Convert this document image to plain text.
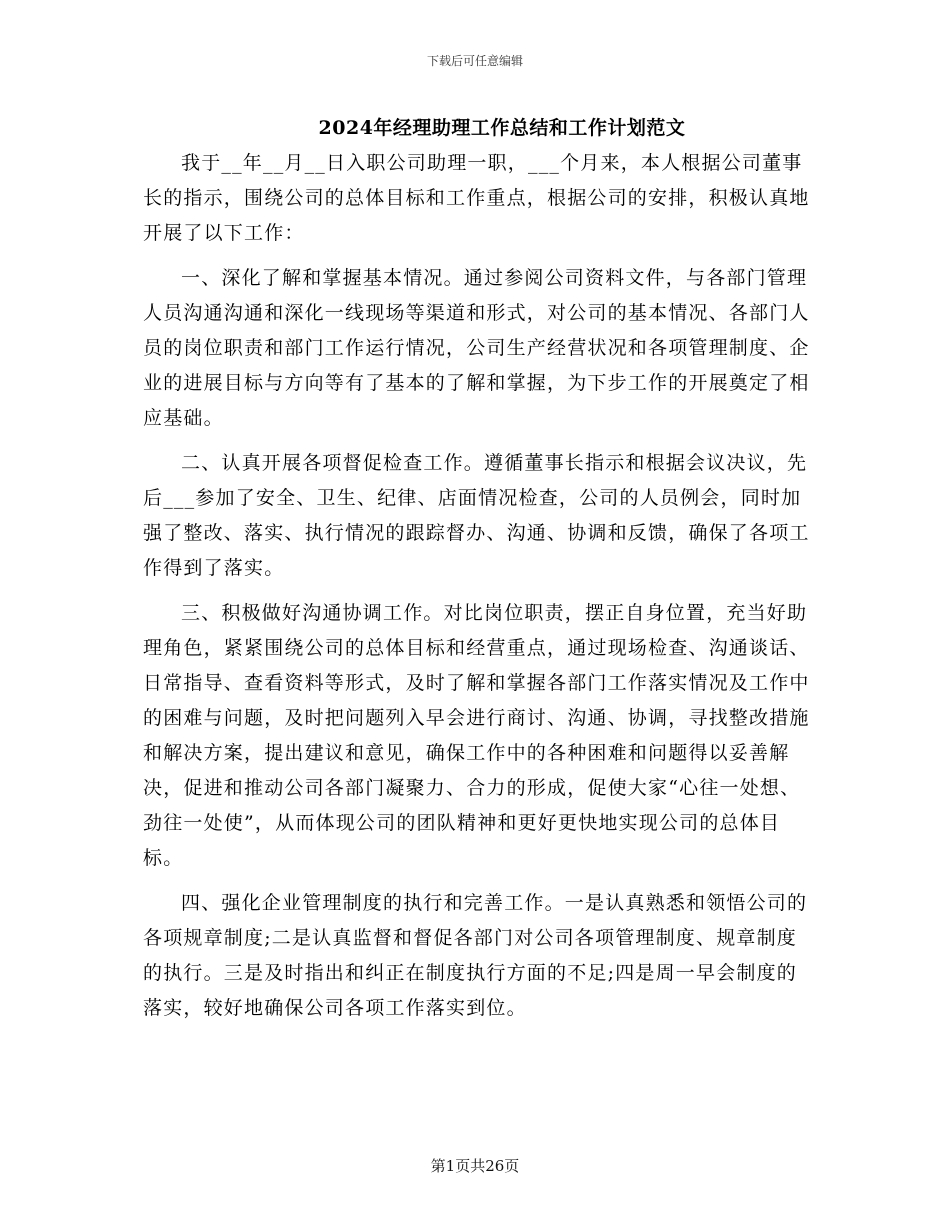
下载后可任意编辑
2024年经理助理工作总结和工作计划范文

我于__年__月__日入职公司助理一职，___个月来，本人根据公司董事长的指示，围绕公司的总体目标和工作重点，根据公司的安排，积极认真地开展了以下工作：

一、深化了解和掌握基本情况。通过参阅公司资料文件，与各部门管理人员沟通沟通和深化一线现场等渠道和形式，对公司的基本情况、各部门人员的岗位职责和部门工作运行情况，公司生产经营状况和各项管理制度、企业的进展目标与方向等有了基本的了解和掌握，为下步工作的开展奠定了相应基础。

二、认真开展各项督促检查工作。遵循董事长指示和根据会议决议，先后___参加了安全、卫生、纪律、店面情况检查，公司的人员例会，同时加强了整改、落实、执行情况的跟踪督办、沟通、协调和反馈，确保了各项工作得到了落实。

三、积极做好沟通协调工作。对比岗位职责，摆正自身位置，充当好助理角色，紧紧围绕公司的总体目标和经营重点，通过现场检查、沟通谈话、日常指导、查看资料等形式，及时了解和掌握各部门工作落实情况及工作中的困难与问题，及时把问题列入早会进行商讨、沟通、协调，寻找整改措施和解决方案，提出建议和意见，确保工作中的各种困难和问题得以妥善解决，促进和推动公司各部门凝聚力、合力的形成，促使大家“心往一处想、劲往一处使”，从而体现公司的团队精神和更好更快地实现公司的总体目标。

四、强化企业管理制度的执行和完善工作。一是认真熟悉和领悟公司的各项规章制度;二是认真监督和督促各部门对公司各项管理制度、规章制度的执行。三是及时指出和纠正在制度执行方面的不足;四是周一早会制度的落实，较好地确保公司各项工作落实到位。

第1页共26页
